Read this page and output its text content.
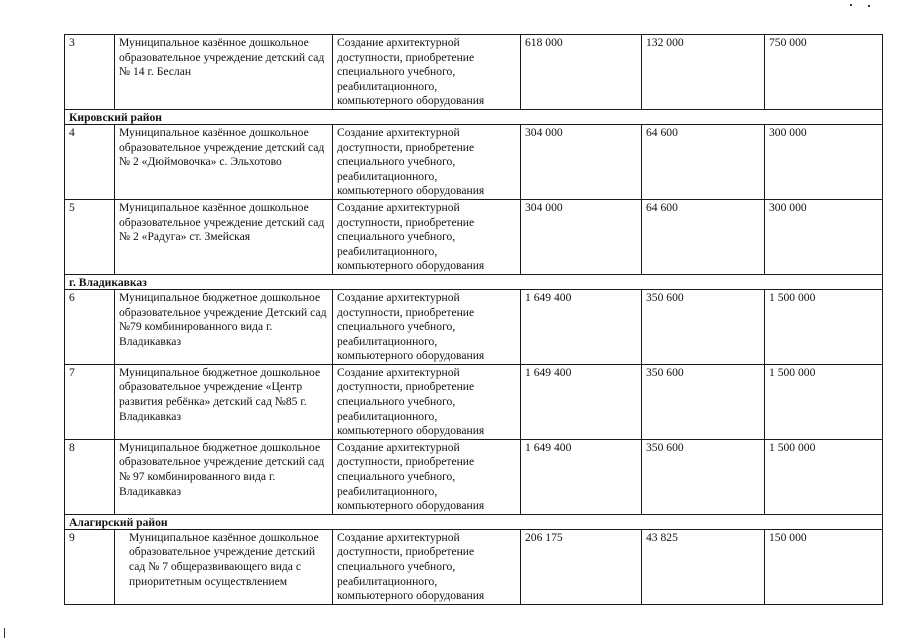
3	Муниципальное казённое дошкольное образовательное учреждение детский сад № 14 г. Беслан	Создание архитектурной доступности, приобретение специального учебного, реабилитационного, компьютерного оборудования	618 000	132 000	750 000
Кировский район					
4	Муниципальное казённое дошкольное образовательное учреждение детский сад № 2 «Дюймовочка» с. Эльхотово	Создание архитектурной доступности, приобретение специального учебного, реабилитационного, компьютерного оборудования	304 000	64 600	300 000
5	Муниципальное казённое дошкольное образовательное учреждение детский сад № 2 «Радуга» ст. Змейская	Создание архитектурной доступности, приобретение специального учебного, реабилитационного, компьютерного оборудования	304 000	64 600	300 000
г. Владикавказ					
6	Муниципальное бюджетное дошкольное образовательное учреждение Детский сад №79 комбинированного вида г. Владикавказ	Создание архитектурной доступности, приобретение специального учебного, реабилитационного, компьютерного оборудования	1 649 400	350 600	1 500 000
7	Муниципальное бюджетное дошкольное образовательное учреждение «Центр развития ребёнка» детский сад №85 г. Владикавказ	Создание архитектурной доступности, приобретение специального учебного, реабилитационного, компьютерного оборудования	1 649 400	350 600	1 500 000
8	Муниципальное бюджетное дошкольное образовательное учреждение детский сад № 97 комбинированного вида г. Владикавказ	Создание архитектурной доступности, приобретение специального учебного, реабилитационного, компьютерного оборудования	1 649 400	350 600	1 500 000
Алагирский район					
9	Муниципальное казённое дошкольное образовательное учреждение детский сад № 7 общеразвивающего вида с приоритетным осуществлением	Создание архитектурной доступности, приобретение специального учебного, реабилитационного, компьютерного оборудования	206 175	43 825	150 000
